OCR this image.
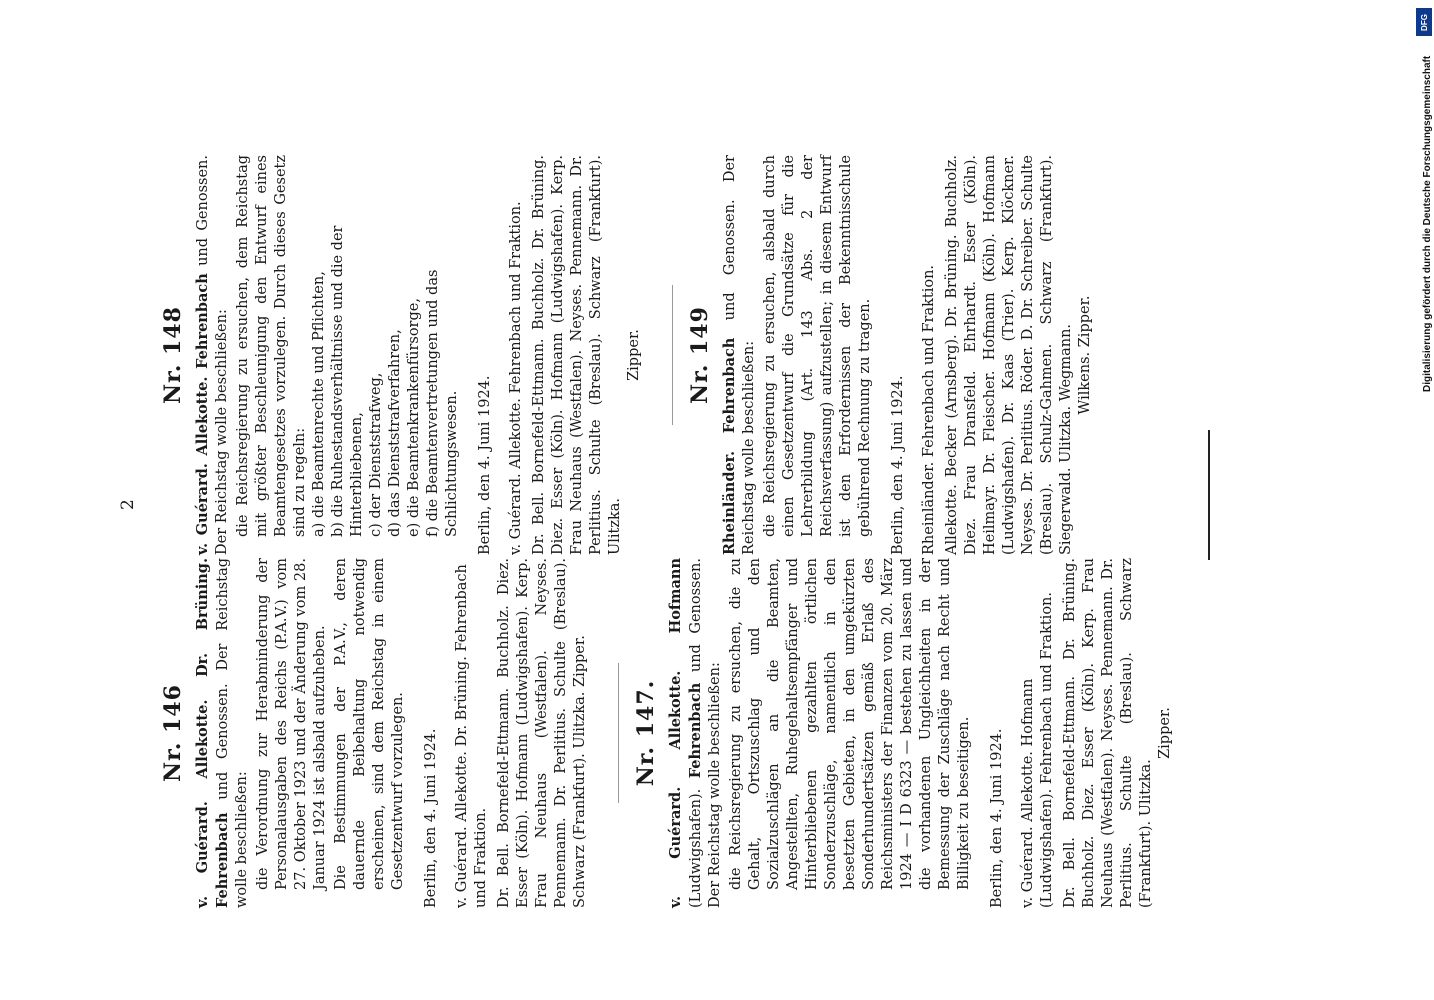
2
Nr. 146 v. Guérard. Allekotte. Dr. Brüning. Fehrenbach und Genossen. Der Reichstag wolle beschließen: die Verordnung zur Herabminderung der Personalausgaben des Reichs (P.A.V.) vom 27. Oktober 1923 und der Änderung vom 28. Januar 1924 ist alsbald aufzuheben. Die Bestimmungen der P.A.V., deren dauernde Beibehaltung notwendig erscheinen, sind dem Reichstag in einem Gesetzentwurf vorzulegen. Berlin, den 4. Juni 1924. v. Guérard. Allekotte. Dr. Brüning. Fehrenbach und Fraktion. Dr. Bell. Bornefeld-Ettmann. Buchholz. Diez. Esser (Köln). Hofmann (Ludwigshafen). Kerp. Frau Neuhaus (Westfalen). Neyses. Pennemann. Dr. Perlitius. Schulte (Breslau). Schwarz (Frankfurt). Ulitzka. Zipper. Nr. 147. v. Guérard. Allekotte. Hofmann (Ludwigshafen). Fehrenbach und Genossen. Der Reichstag wolle beschließen: die Reichsregierung zu ersuchen, die zu Gehalt, Ortszuschlag und den Sozialzuschlägen an die Beamten, Angestellten, Ruhegehaltsempfänger und Hinterbliebenen gezahlten örtlichen Sonderzuschläge, namentlich in den besetzten Gebieten, in den umgekürzten Sonderhundertsätzen gemäß Erlaß des Reichsministers der Finanzen vom 20. März 1924 — I D 6323 — bestehen zu lassen und die vorhandenen Ungleichheiten in der Bemessung der Zuschläge nach Recht und Billigkeit zu beseitigen. Berlin, den 4. Juni 1924. v. Guérard. Allekotte. Hofmann (Ludwigshafen). Fehrenbach und Fraktion. Dr. Bell. Bornefeld-Ettmann. Dr. Brüning. Buchholz. Diez. Esser (Köln). Kerp. Frau Neuhaus (Westfalen). Neyses. Pennemann. Dr. Perlitius. Schulte (Breslau). Schwarz (Frankfurt). Ulitzka.
Zipper.
Nr. 148 v. Guérard. Allekotte. Fehrenbach und Genossen. Der Reichstag wolle beschließen: die Reichsregierung zu ersuchen, dem Reichstag mit größter Beschleunigung den Entwurf eines Beamtengesetzes vorzulegen. Durch dieses Gesetz sind zu regeln: a) die Beamtenrechte und Pflichten, b) die Ruhestandsverhältnisse und die der Hinterbliebenen, c) der Dienststrafweg, d) das Dienststrafverfahren, e) die Beamtenkrankenfürsorge, f) die Beamtenvertretungen und das Schlichtungswesen. Berlin, den 4. Juni 1924. v. Guérard. Allekotte. Fehrenbach und Fraktion. Dr. Bell. Bornefeld-Ettmann. Buchholz. Dr. Brüning. Diez. Esser (Köln). Hofmann (Ludwigshafen). Kerp. Frau Neuhaus (Westfalen). Neyses. Pennemann. Dr. Perlitius. Schulte (Breslau). Schwarz (Frankfurt). Ulitzka.
Zipper. Nr. 149 Rheinländer. Fehrenbach und Genossen. Der Reichstag wolle beschließen: die Reichsregierung zu ersuchen, alsbald durch einen Gesetzentwurf die Grundsätze für die Lehrerbildung (Art. 143 Abs. 2 der Reichsverfassung) aufzustellen; in diesem Entwurf ist den Erfordernissen der Bekenntnisschule gebührend Rechnung zu tragen. Berlin, den 4. Juni 1924. Rheinländer. Fehrenbach und Fraktion. Allekotte. Becker (Arnsberg). Dr. Brüning. Buchholz. Diez. Frau Dransfeld. Ehrhardt. Esser (Köln). Heilmayr. Dr. Fleischer. Hofmann (Köln). Hofmann (Ludwigshafen). Dr. Kaas (Trier). Kerp. Klöckner. Neyses. Dr. Perlitius. Röder. D. Dr. Schreiber. Schulte (Breslau). Schulz-Gahmen. Schwarz (Frankfurt). Siegerwald. Ulitzka. Wegmann. Wilkens. Zipper.
DFG
Digitalisierung gefördert durch die Deutsche Forschungsgemeinschaft
